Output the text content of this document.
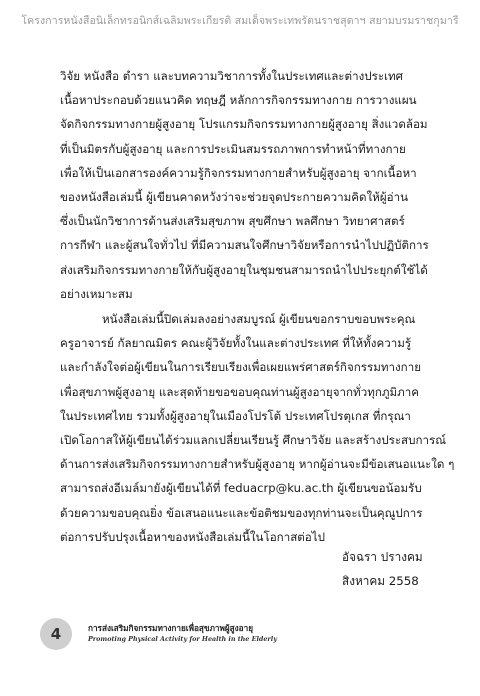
โครงการหนังสือนิเล็กทรอนิกส์เฉลิมพระเกียรติ สมเด็จพระเทพรัตนราชสุดาฯ สยามบรมราชกุมารี
วิจัย หนังสือ ตำรา และบทความวิชาการทั้งในประเทศและต่างประเทศ
เนื้อหาประกอบด้วยแนวคิด ทฤษฎี หลักการกิจกรรมทางกาย การวางแผน
จัดกิจกรรมทางกายผู้สูงอายุ โปรแกรมกิจกรรมทางกายผู้สูงอายุ สิ่งแวดล้อม
ที่เป็นมิตรกับผู้สูงอายุ และการประเมินสมรรถภาพการทำหน้าที่ทางกาย
เพื่อให้เป็นเอกสารองค์ความรู้กิจกรรมทางกายสำหรับผู้สูงอายุ จากเนื้อหา
ของหนังสือเล่มนี้ ผู้เขียนคาดหวังว่าจะช่วยจุดประกายความคิดให้ผู้อ่าน
ซึ่งเป็นนักวิชาการด้านส่งเสริมสุขภาพ สุขศึกษา พลศึกษา วิทยาศาสตร์
การกีฬา และผู้สนใจทั่วไป ที่มีความสนใจศึกษาวิจัยหรือการนำไปปฏิบัติการ
ส่งเสริมกิจกรรมทางกายให้กับผู้สูงอายุในชุมชนสามารถนำไปประยุกต์ใช้ได้
อย่างเหมาะสม
หนังสือเล่มนี้ปิดเล่มลงอย่างสมบูรณ์ ผู้เขียนขอกราบขอบพระคุณ
ครูอาจารย์ กัลยาณมิตร คณะผู้วิจัยทั้งในและต่างประเทศ ที่ให้ทั้งความรู้
และกำลังใจต่อผู้เขียนในการเรียบเรียงเพื่อเผยแพร่ศาสตร์กิจกรรมทางกาย
เพื่อสุขภาพผู้สูงอายุ และสุดท้ายขอขอบคุณท่านผู้สูงอายุจากทั่วทุกภูมิภาค
ในประเทศไทย รวมทั้งผู้สูงอายุในเมืองโปรโต้ ประเทศโปรตุเกส ที่กรุณา
เปิดโอกาสให้ผู้เขียนได้ร่วมแลกเปลี่ยนเรียนรู้ ศึกษาวิจัย และสร้างประสบการณ์
ด้านการส่งเสริมกิจกรรมทางกายสำหรับผู้สูงอายุ หากผู้อ่านจะมีข้อเสนอแนะใด ๆ
สามารถส่งอีเมล์มายังผู้เขียนได้ที่ feduacrp@ku.ac.th ผู้เขียนขอน้อมรับ
ด้วยความขอบคุณยิ่ง ข้อเสนอแนะและข้อติชมของทุกท่านจะเป็นคุณูปการ
ต่อการปรับปรุงเนื้อหาของหนังสือเล่มนี้ในโอกาสต่อไป
อัจฉรา ปรางคม
สิงหาคม 2558
4	การส่งเสริมกิจกรรมทางกายเพื่อสุขภาพผู้สูงอายุ
Promoting Physical Activity for Health in the Elderly
